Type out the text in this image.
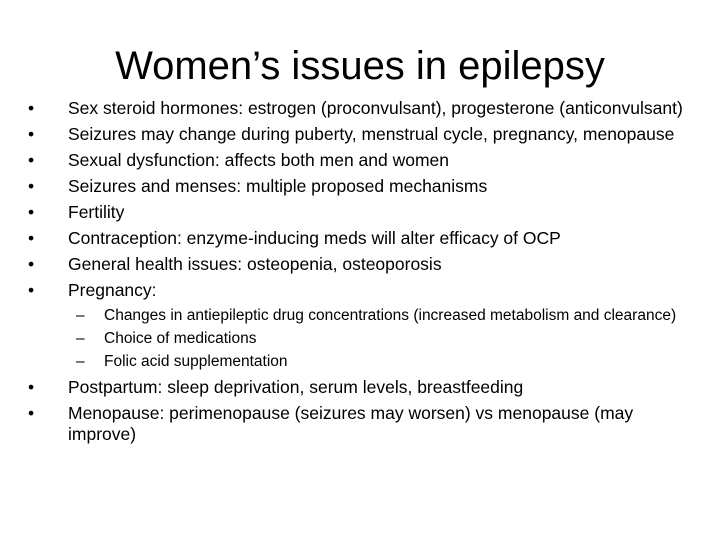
Women’s issues in epilepsy
•	Sex steroid hormones: estrogen (proconvulsant), progesterone (anticonvulsant)
•	Seizures may change during puberty, menstrual cycle, pregnancy, menopause
•	Sexual dysfunction: affects both men and women
•	Seizures and menses: multiple proposed mechanisms
•	Fertility
•	Contraception: enzyme-inducing meds will alter efficacy of OCP
•	General health issues: osteopenia, osteoporosis
•	Pregnancy:
– Changes in antiepileptic drug concentrations (increased metabolism and clearance)
– Choice of medications
– Folic acid supplementation
•	Postpartum: sleep deprivation, serum levels, breastfeeding
•	Menopause: perimenopause (seizures may worsen) vs menopause (may improve)
